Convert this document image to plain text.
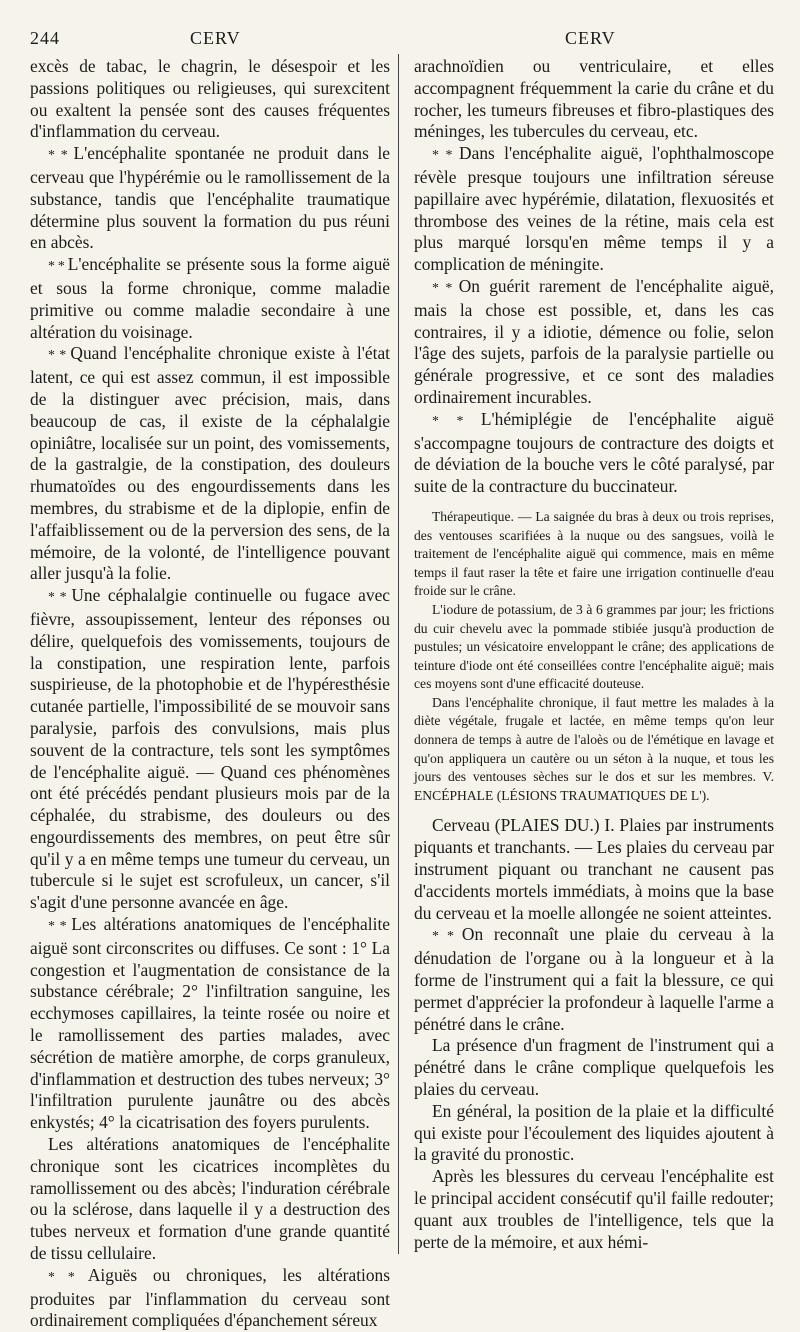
244	CERV	CERV

excès de tabac, le chagrin, le désespoir et les passions politiques ou religieuses, qui surexcitent ou exaltent la pensée sont des causes fréquentes d'inflammation du cerveau.

* * L'encéphalite spontanée ne produit dans le cerveau que l'hypérémie ou le ramollissement de la substance, tandis que l'encéphalite traumatique détermine plus souvent la formation du pus réuni en abcès.

* * L'encéphalite se présente sous la forme aiguë et sous la forme chronique, comme maladie primitive ou comme maladie secondaire à une altération du voisinage.

* * Quand l'encéphalite chronique existe à l'état latent, ce qui est assez commun, il est impossible de la distinguer avec précision, mais, dans beaucoup de cas, il existe de la céphalalgie opiniâtre, localisée sur un point, des vomissements, de la gastralgie, de la constipation, des douleurs rhumatoïdes ou des engourdissements dans les membres, du strabisme et de la diplopie, enfin de l'affaiblissement ou de la perversion des sens, de la mémoire, de la volonté, de l'intelligence pouvant aller jusqu'à la folie.

* * Une céphalalgie continuelle ou fugace avec fièvre, assoupissement, lenteur des réponses ou délire, quelquefois des vomissements, toujours de la constipation, une respiration lente, parfois suspirieuse, de la photophobie et de l'hypéresthésie cutanée partielle, l'impossibilité de se mouvoir sans paralysie, parfois des convulsions, mais plus souvent de la contracture, tels sont les symptômes de l'encéphalite aiguë. — Quand ces phénomènes ont été précédés pendant plusieurs mois par de la céphalée, du strabisme, des douleurs ou des engourdissements des membres, on peut être sûr qu'il y a en même temps une tumeur du cerveau, un tubercule si le sujet est scrofuleux, un cancer, s'il s'agit d'une personne avancée en âge.

* * Les altérations anatomiques de l'encéphalite aiguë sont circonscrites ou diffuses. Ce sont : 1° La congestion et l'augmentation de consistance de la substance cérébrale; 2° l'infiltration sanguine, les ecchymoses capillaires, la teinte rosée ou noire et le ramollissement des parties malades, avec sécrétion de matière amorphe, de corps granuleux, d'inflammation et destruction des tubes nerveux; 3° l'infiltration purulente jaunâtre ou des abcès enkystés; 4° la cicatrisation des foyers purulents.

Les altérations anatomiques de l'encéphalite chronique sont les cicatrices incomplètes du ramollissement ou des abcès; l'induration cérébrale ou la sclérose, dans laquelle il y a destruction des tubes nerveux et formation d'une grande quantité de tissu cellulaire.

* * Aiguës ou chroniques, les altérations produites par l'inflammation du cerveau sont ordinairement compliquées d'épanchement séreux

arachnoïdien ou ventriculaire, et elles accompagnent fréquemment la carie du crâne et du rocher, les tumeurs fibreuses et fibro-plastiques des méninges, les tubercules du cerveau, etc.

* * Dans l'encéphalite aiguë, l'ophthalmoscope révèle presque toujours une infiltration séreuse papillaire avec hypérémie, dilatation, flexuosités et thrombose des veines de la rétine, mais cela est plus marqué lorsqu'en même temps il y a complication de méningite.

* * On guérit rarement de l'encéphalite aiguë, mais la chose est possible, et, dans les cas contraires, il y a idiotie, démence ou folie, selon l'âge des sujets, parfois de la paralysie partielle ou générale progressive, et ce sont des maladies ordinairement incurables.

* * L'hémiplégie de l'encéphalite aiguë s'accompagne toujours de contracture des doigts et de déviation de la bouche vers le côté paralysé, par suite de la contracture du buccinateur.

Thérapeutique. — La saignée du bras à deux ou trois reprises, des ventouses scarifiées à la nuque ou des sangsues, voilà le traitement de l'encéphalite aiguë qui commence, mais en même temps il faut raser la tête et faire une irrigation continuelle d'eau froide sur le crâne.

L'iodure de potassium, de 3 à 6 grammes par jour; les frictions du cuir chevelu avec la pommade stibiée jusqu'à production de pustules; un vésicatoire enveloppant le crâne; des applications de teinture d'iode ont été conseillées contre l'encéphalite aiguë; mais ces moyens sont d'une efficacité douteuse.

Dans l'encéphalite chronique, il faut mettre les malades à la diète végétale, frugale et lactée, en même temps qu'on leur donnera de temps à autre de l'aloès ou de l'émétique en lavage et qu'on appliquera un cautère ou un séton à la nuque, et tous les jours des ventouses sèches sur le dos et sur les membres. V. ENCÉPHALE (LÉSIONS TRAUMATIQUES DE L').

Cerveau (PLAIES DU.) I. Plaies par instruments piquants et tranchants. — Les plaies du cerveau par instrument piquant ou tranchant ne causent pas d'accidents mortels immédiats, à moins que la base du cerveau et la moelle allongée ne soient atteintes.

* * On reconnaît une plaie du cerveau à la dénudation de l'organe ou à la longueur et à la forme de l'instrument qui a fait la blessure, ce qui permet d'apprécier la profondeur à laquelle l'arme a pénétré dans le crâne.

La présence d'un fragment de l'instrument qui a pénétré dans le crâne complique quelquefois les plaies du cerveau.

En général, la position de la plaie et la difficulté qui existe pour l'écoulement des liquides ajoutent à la gravité du pronostic.

Après les blessures du cerveau l'encéphalite est le principal accident consécutif qu'il faille redouter; quant aux troubles de l'intelligence, tels que la perte de la mémoire, et aux hémi-
